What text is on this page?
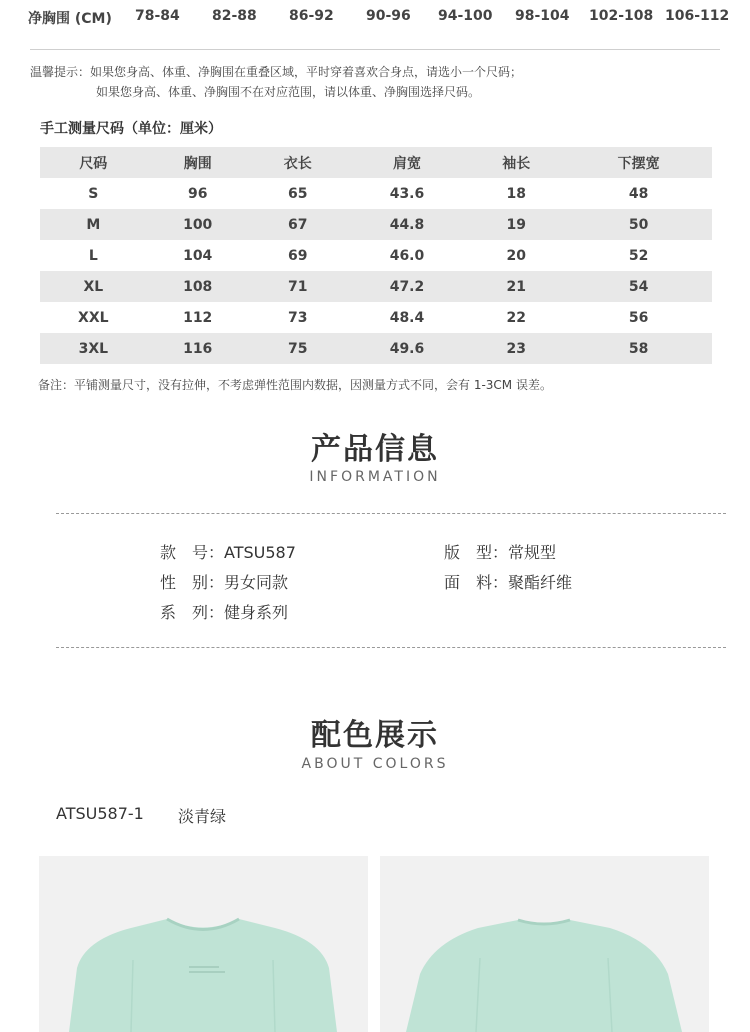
净胸围 (CM) 78-84 82-88 86-92 90-96 94-100 98-104 102-108 106-112
温馨提示：如果您身高、体重、净胸围在重叠区域，平时穿着喜欢合身点，请选小一个尺码；
如果您身高、体重、净胸围不在对应范围，请以体重、净胸围选择尺码。
手工测量尺码（单位：厘米）
尺码	胸围	衣长	肩宽	袖长	下摆宽
S	96	65	43.6	18	48
M	100	67	44.8	19	50
L	104	69	46.0	20	52
XL	108	71	47.2	21	54
XXL	112	73	48.4	22	56
3XL	116	75	49.6	23	58
备注：平铺测量尺寸，没有拉伸，不考虑弹性范围内数据，因测量方式不同，会有 1-3CM 误差。
产品信息
INFORMATION
款　号：ATSU587	版　型：常规型
性　别：男女同款	面　料：聚酯纤维
系　列：健身系列
配色展示
ABOUT COLORS
ATSU587-1 淡青绿
